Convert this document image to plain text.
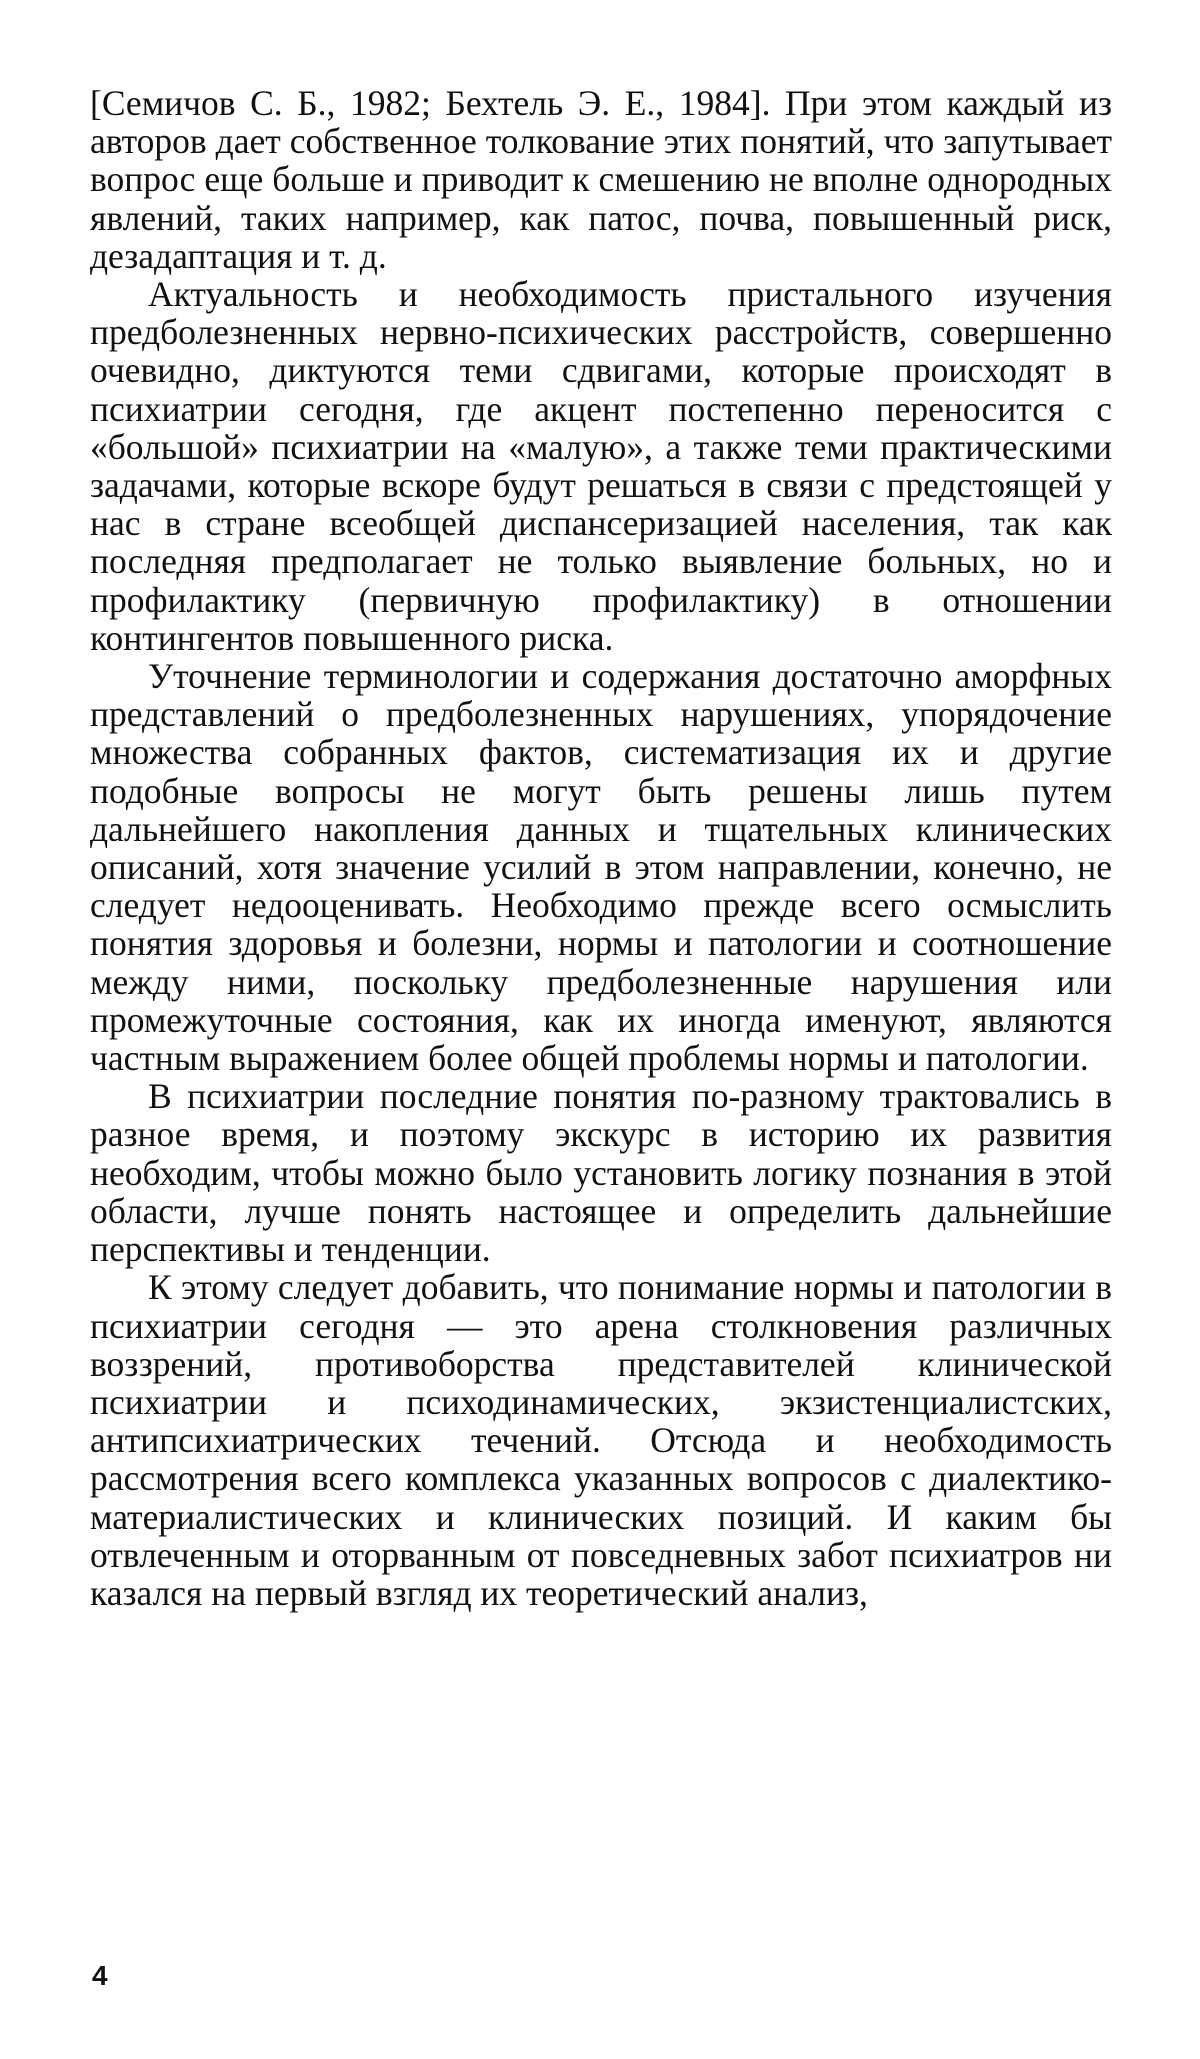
[Семичов С. Б., 1982; Бехтель Э. Е., 1984]. При этом каждый из авторов дает собственное толкование этих понятий, что запутывает вопрос еще больше и приводит к смешению не вполне однородных явлений, таких например, как патос, почва, повышенный риск, дезадаптация и т. д.

Актуальность и необходимость пристального изучения предболезненных нервно-психических расстройств, совершенно очевидно, диктуются теми сдвигами, которые происходят в психиатрии сегодня, где акцент постепенно переносится с «большой» психиатрии на «малую», а также теми практическими задачами, которые вскоре будут решаться в связи с предстоящей у нас в стране всеобщей диспансеризацией населения, так как последняя предполагает не только выявление больных, но и профилактику (первичную профилактику) в отношении контингентов повышенного риска.

Уточнение терминологии и содержания достаточно аморфных представлений о предболезненных нарушениях, упорядочение множества собранных фактов, систематизация их и другие подобные вопросы не могут быть решены лишь путем дальнейшего накопления данных и тщательных клинических описаний, хотя значение усилий в этом направлении, конечно, не следует недооценивать. Необходимо прежде всего осмыслить понятия здоровья и болезни, нормы и патологии и соотношение между ними, поскольку предболезненные нарушения или промежуточные состояния, как их иногда именуют, являются частным выражением более общей проблемы нормы и патологии.

В психиатрии последние понятия по-разному трактовались в разное время, и поэтому экскурс в историю их развития необходим, чтобы можно было установить логику познания в этой области, лучше понять настоящее и определить дальнейшие перспективы и тенденции.

К этому следует добавить, что понимание нормы и патологии в психиатрии сегодня — это арена столкновения различных воззрений, противоборства представителей клинической психиатрии и психодинамических, экзистенциалистских, антипсихиатрических течений. Отсюда и необходимость рассмотрения всего комплекса указанных вопросов с диалектико-материалистических и клинических позиций. И каким бы отвлеченным и оторванным от повседневных забот психиатров ни казался на первый взгляд их теоретический анализ,

4
